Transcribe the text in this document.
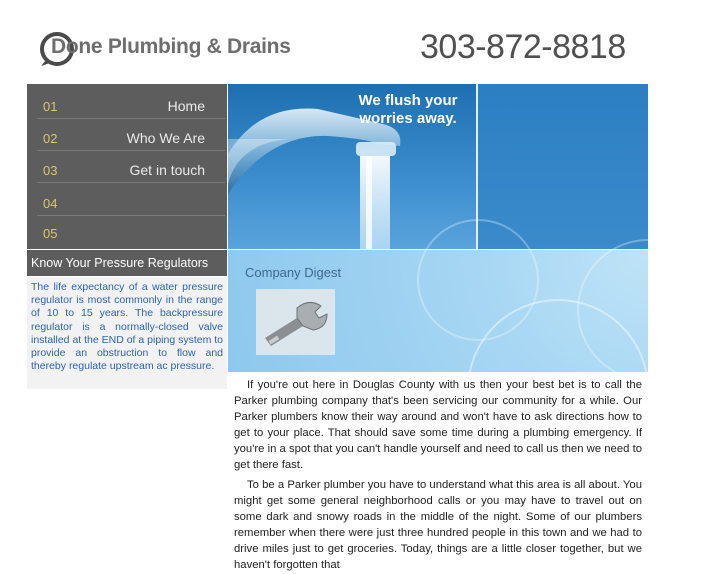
Done Plumbing & Drains	303-872-8818
01	Home
02	Who We Are
03	Get in touch
04
05
We flush your worries away.
Know Your Pressure Regulators
The life expectancy of a water pressure regulator is most commonly in the range of 10 to 15 years. The backpressure regulator is a normally-closed valve installed at the END of a piping system to provide an obstruction to flow and thereby regulate upstream ac pressure.
Company Digest

If you're out here in Douglas County with us then your best bet is to call the Parker plumbing company that's been servicing our community for a while. Our Parker plumbers know their way around and won't have to ask directions how to get to your place. That should save some time during a plumbing emergency. If you're in a spot that you can't handle yourself and need to call us then we need to get there fast.

To be a Parker plumber you have to understand what this area is all about. You might get some general neighborhood calls or you may have to travel out on some dark and snowy roads in the middle of the night. Some of our plumbers remember when there were just three hundred people in this town and we had to drive miles just to get groceries. Today, things are a little closer together, but we haven't forgotten that
